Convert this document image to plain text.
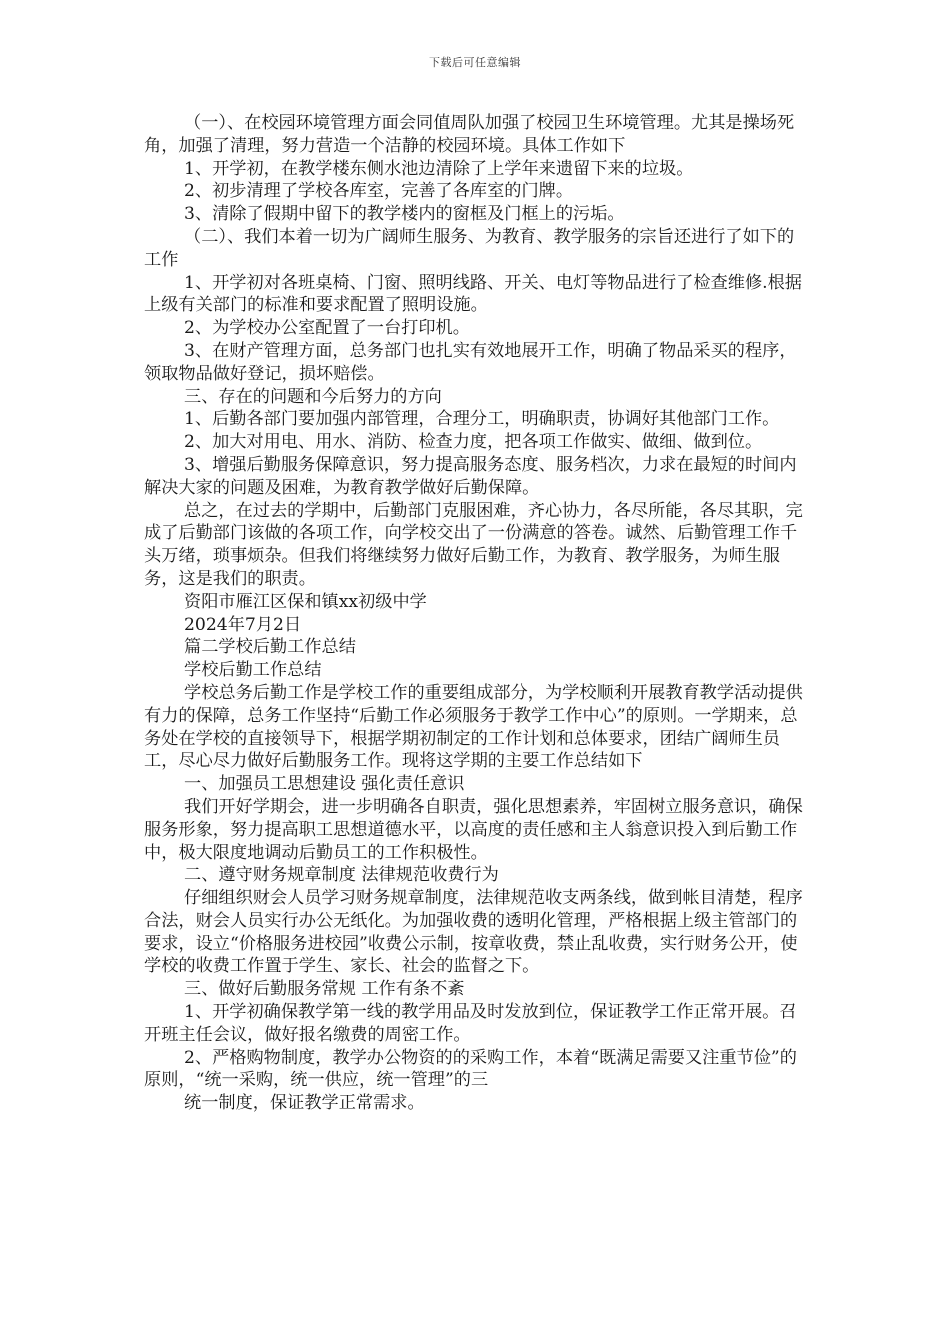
下载后可任意编辑

（一）、在校园环境管理方面会同值周队加强了校园卫生环境管理。尤其是操场死角，加强了清理，努力营造一个洁静的校园环境。具体工作如下

1、开学初，在教学楼东侧水池边清除了上学年来遗留下来的垃圾。

2、初步清理了学校各库室，完善了各库室的门牌。

3、清除了假期中留下的教学楼内的窗框及门框上的污垢。

（二）、我们本着一切为广阔师生服务、为教育、教学服务的宗旨还进行了如下的工作

1、开学初对各班桌椅、门窗、照明线路、开关、电灯等物品进行了检查维修.根据上级有关部门的标准和要求配置了照明设施。

2、为学校办公室配置了一台打印机。

3、在财产管理方面，总务部门也扎实有效地展开工作，明确了物品采买的程序，领取物品做好登记，损坏赔偿。

三、存在的问题和今后努力的方向

1、后勤各部门要加强内部管理，合理分工，明确职责，协调好其他部门工作。

2、加大对用电、用水、消防、检查力度，把各项工作做实、做细、做到位。

3、增强后勤服务保障意识，努力提高服务态度、服务档次，力求在最短的时间内解决大家的问题及困难，为教育教学做好后勤保障。

总之，在过去的学期中，后勤部门克服困难，齐心协力，各尽所能，各尽其职，完成了后勤部门该做的各项工作，向学校交出了一份满意的答卷。诚然、后勤管理工作千头万绪，琐事烦杂。但我们将继续努力做好后勤工作，为教育、教学服务，为师生服务，这是我们的职责。

资阳市雁江区保和镇xx初级中学

2024年7月2日

篇二学校后勤工作总结

学校后勤工作总结

学校总务后勤工作是学校工作的重要组成部分，为学校顺利开展教育教学活动提供有力的保障，总务工作坚持“后勤工作必须服务于教学工作中心”的原则。一学期来，总务处在学校的直接领导下，根据学期初制定的工作计划和总体要求，团结广阔师生员工，尽心尽力做好后勤服务工作。现将这学期的主要工作总结如下

一、加强员工思想建设 强化责任意识

我们开好学期会，进一步明确各自职责，强化思想素养，牢固树立服务意识，确保服务形象，努力提高职工思想道德水平，以高度的责任感和主人翁意识投入到后勤工作中，极大限度地调动后勤员工的工作积极性。

二、遵守财务规章制度 法律规范收费行为

仔细组织财会人员学习财务规章制度，法律规范收支两条线，做到帐目清楚，程序合法，财会人员实行办公无纸化。为加强收费的透明化管理，严格根据上级主管部门的要求，设立“价格服务进校园”收费公示制，按章收费，禁止乱收费，实行财务公开，使学校的收费工作置于学生、家长、社会的监督之下。

三、做好后勤服务常规 工作有条不紊

1、开学初确保教学第一线的教学用品及时发放到位，保证教学工作正常开展。召开班主任会议，做好报名缴费的周密工作。

2、严格购物制度，教学办公物资的的采购工作，本着“既满足需要又注重节俭”的原则，“统一采购，统一供应，统一管理”的三

统一制度，保证教学正常需求。
